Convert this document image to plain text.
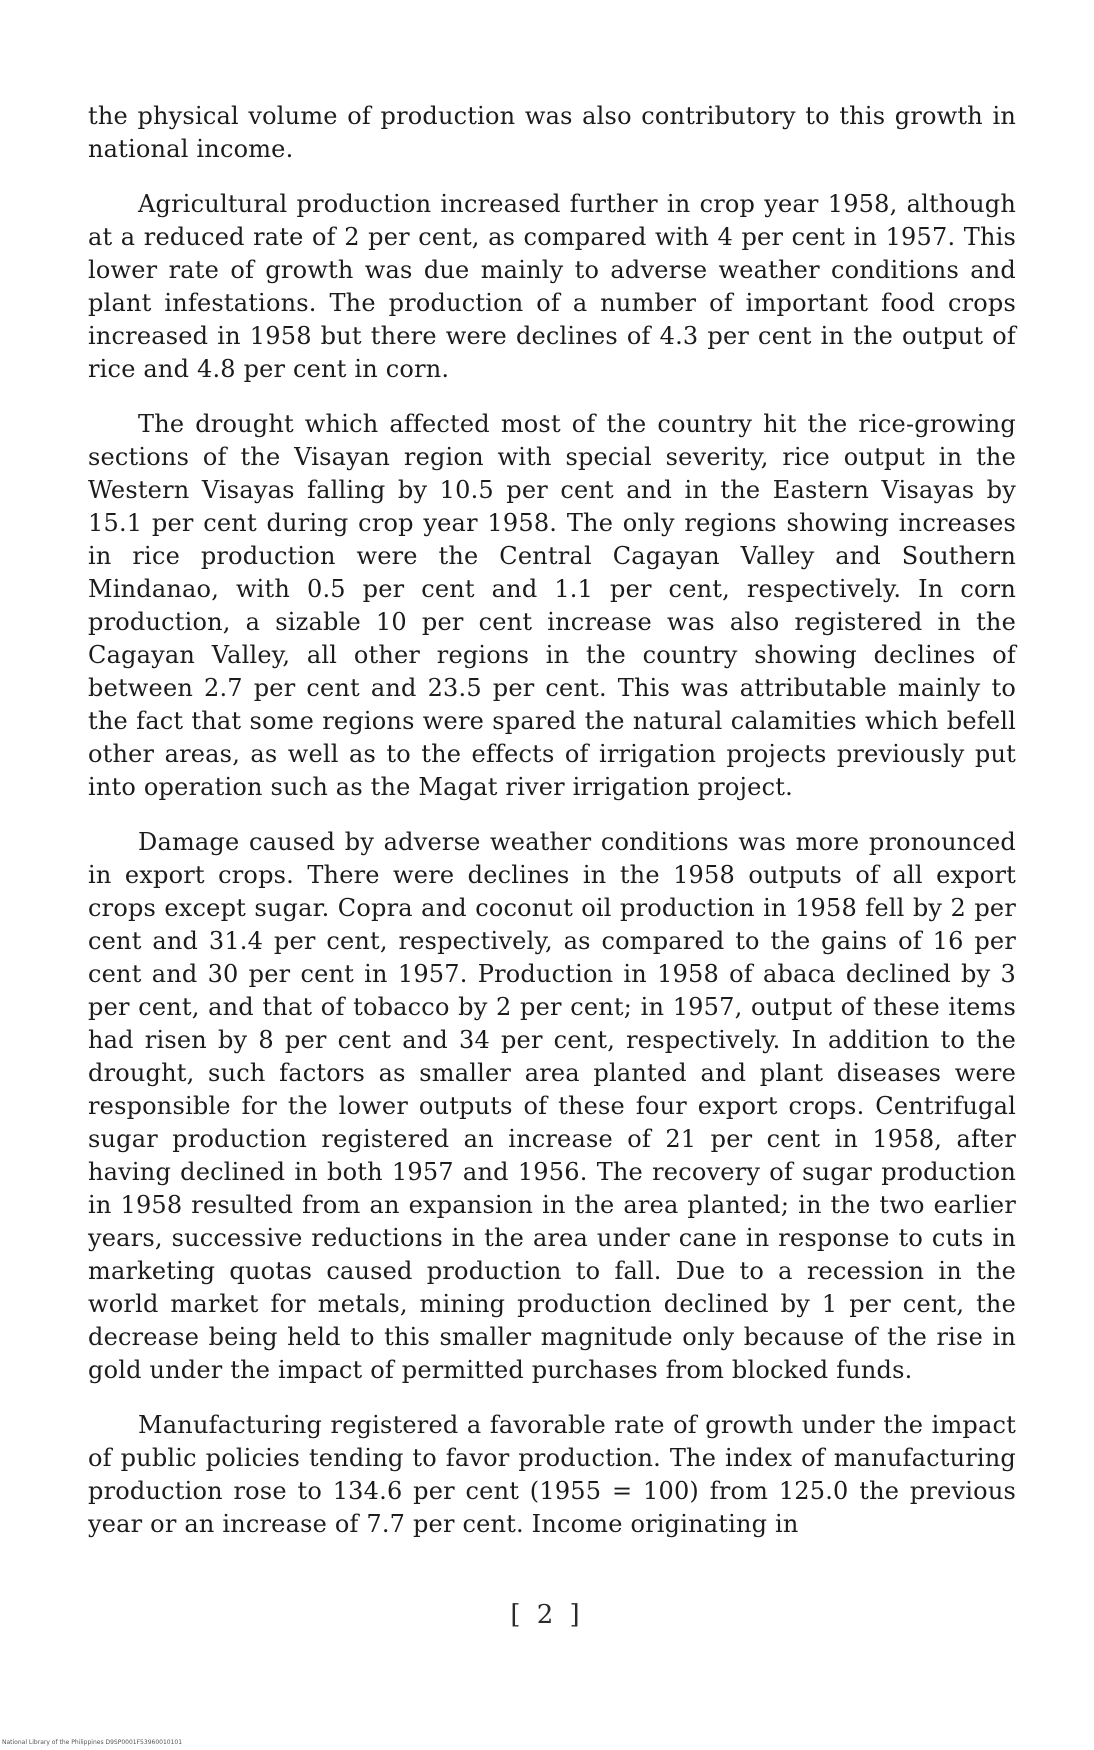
the physical volume of production was also contributory to this growth in national income.

Agricultural production increased further in crop year 1958, although at a reduced rate of 2 per cent, as compared with 4 per cent in 1957. This lower rate of growth was due mainly to adverse weather conditions and plant infestations. The production of a number of important food crops increased in 1958 but there were declines of 4.3 per cent in the output of rice and 4.8 per cent in corn.

The drought which affected most of the country hit the rice-growing sections of the Visayan region with special severity, rice output in the Western Visayas falling by 10.5 per cent and in the Eastern Visayas by 15.1 per cent during crop year 1958. The only regions showing increases in rice production were the Central Cagayan Valley and Southern Mindanao, with 0.5 per cent and 1.1 per cent, respectively. In corn production, a sizable 10 per cent increase was also registered in the Cagayan Valley, all other regions in the country showing declines of between 2.7 per cent and 23.5 per cent. This was attributable mainly to the fact that some regions were spared the natural calamities which befell other areas, as well as to the effects of irrigation projects previously put into operation such as the Magat river irrigation project.

Damage caused by adverse weather conditions was more pronounced in export crops. There were declines in the 1958 outputs of all export crops except sugar. Copra and coconut oil production in 1958 fell by 2 per cent and 31.4 per cent, respectively, as compared to the gains of 16 per cent and 30 per cent in 1957. Production in 1958 of abaca declined by 3 per cent, and that of tobacco by 2 per cent; in 1957, output of these items had risen by 8 per cent and 34 per cent, respectively. In addition to the drought, such factors as smaller area planted and plant diseases were responsible for the lower outputs of these four export crops. Centrifugal sugar production registered an increase of 21 per cent in 1958, after having declined in both 1957 and 1956. The recovery of sugar production in 1958 resulted from an expansion in the area planted; in the two earlier years, successive reductions in the area under cane in response to cuts in marketing quotas caused production to fall. Due to a recession in the world market for metals, mining production declined by 1 per cent, the decrease being held to this smaller magnitude only because of the rise in gold under the impact of permitted purchases from blocked funds.

Manufacturing registered a favorable rate of growth under the impact of public policies tending to favor production. The index of manufacturing production rose to 134.6 per cent (1955 = 100) from 125.0 the previous year or an increase of 7.7 per cent. Income originating in

[ 2 ]
National Library of the Philippines D9SP0001F53960010101
